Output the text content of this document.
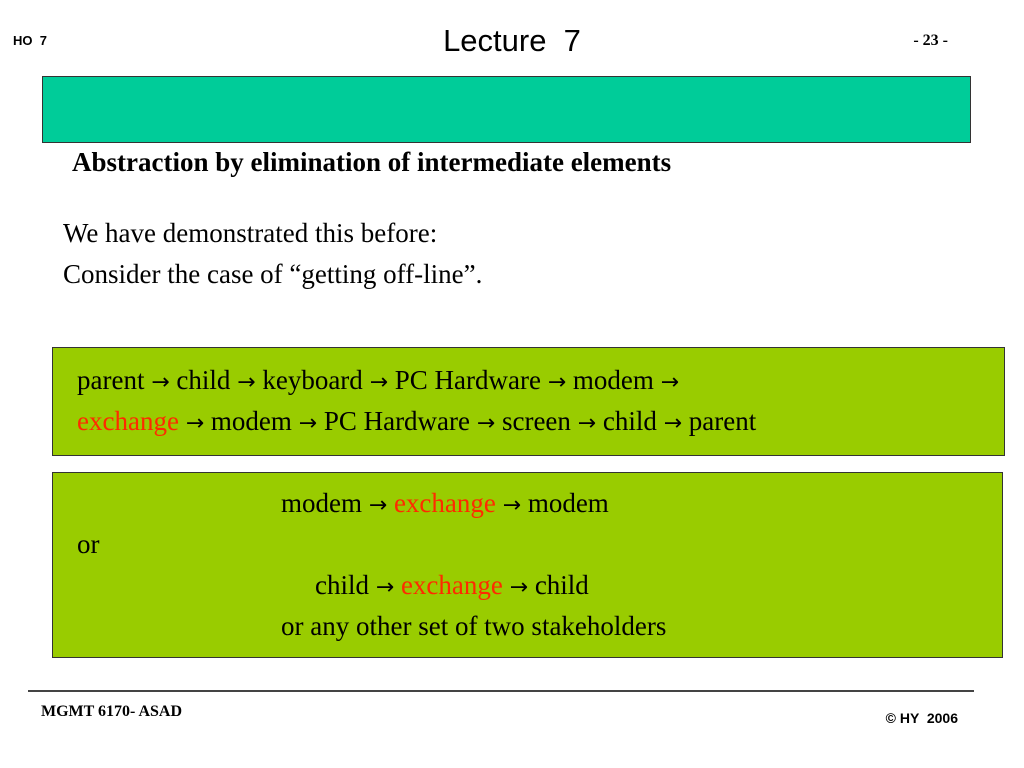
HO  7	Lecture  7	- 23 -
Abstraction by elimination of intermediate elements
We have demonstrated this before:
Consider the case of “getting off-line”.
parent → child → keyboard → PC Hardware → modem →
exchange → modem → PC Hardware → screen → child → parent
modem → exchange → modem
or
child → exchange → child
or any other set of two stakeholders
MGMT 6170- ASAD	© HY  2006
